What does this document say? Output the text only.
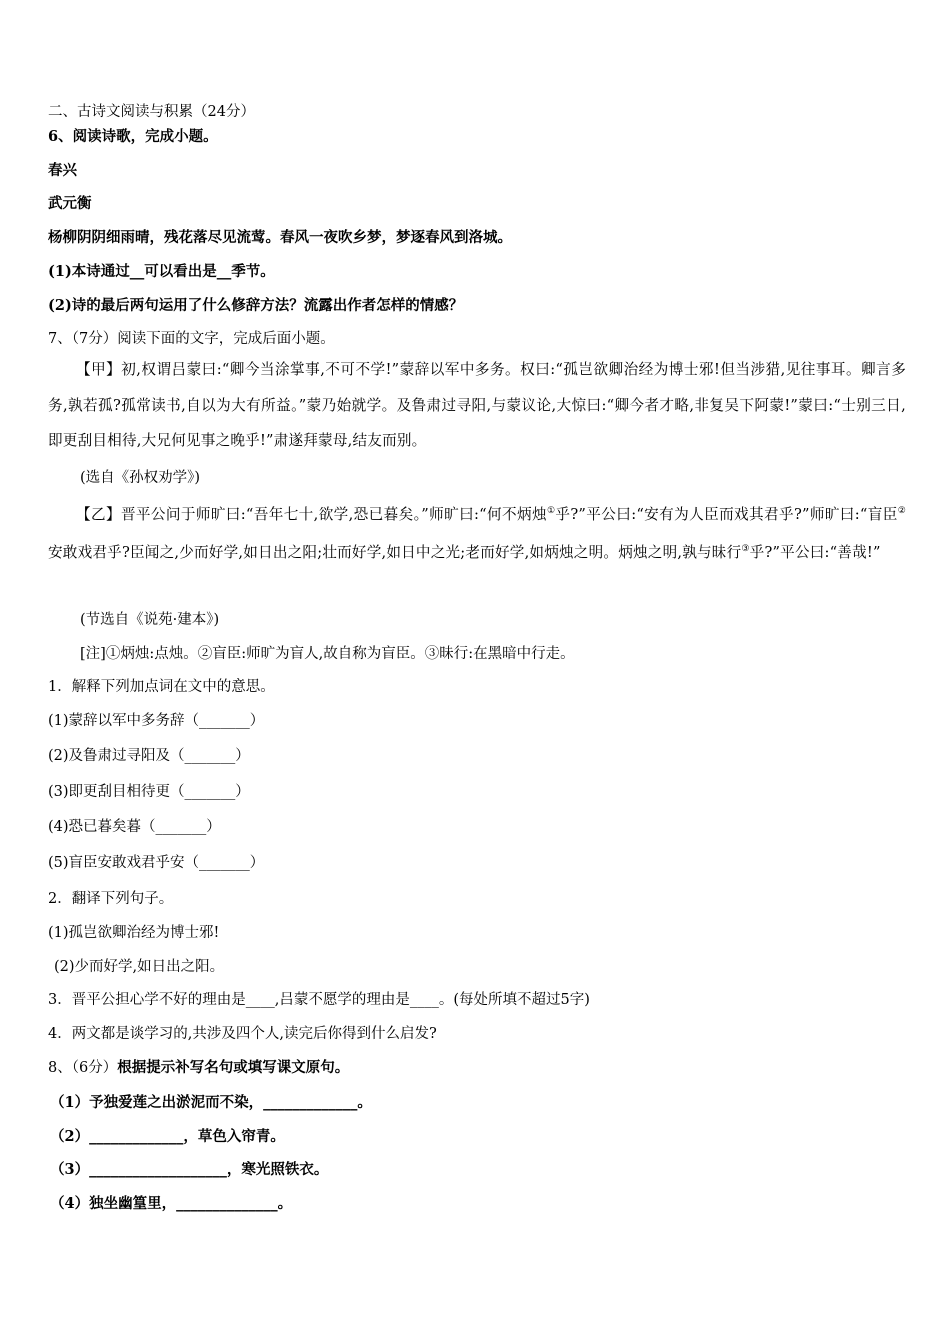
二、古诗文阅读与积累（24分）
6、阅读诗歌，完成小题。
春兴
武元衡
杨柳阴阴细雨晴，残花落尽见流莺。春风一夜吹乡梦，梦逐春风到洛城。
(1)本诗通过__可以看出是__季节。
(2)诗的最后两句运用了什么修辞方法？流露出作者怎样的情感？
7、（7分）阅读下面的文字，完成后面小题。
【甲】初,权谓吕蒙曰:“卿今当涂掌事,不可不学!”蒙辞以军中多务。权曰:“孤岂欲卿治经为博士邪!但当涉猎,见往事耳。卿言多务,孰若孤?孤常读书,自以为大有所益。”蒙乃始就学。及鲁肃过寻阳,与蒙议论,大惊曰:“卿今者才略,非复吴下阿蒙!”蒙曰:“士别三日,即更刮目相待,大兄何见事之晚乎!”肃遂拜蒙母,结友而别。
(选自《孙权劝学》)
【乙】晋平公问于师旷曰:“吾年七十,欲学,恐已暮矣。”师旷曰:“何不炳烛①乎?”平公曰:“安有为人臣而戏其君乎?”师旷曰:“盲臣②安敢戏君乎?臣闻之,少而好学,如日出之阳;壮而好学,如日中之光;老而好学,如炳烛之明。炳烛之明,孰与昧行③乎?”平公曰:“善哉!”
(节选自《说苑·建本》)
[注]①炳烛:点烛。②盲臣:师旷为盲人,故自称为盲臣。③昧行:在黑暗中行走。
1．解释下列加点词在文中的意思。
(1)蒙辞以军中多务辞（_______）
(2)及鲁肃过寻阳及（_______）
(3)即更刮目相待更（_______）
(4)恐已暮矣暮（_______）
(5)盲臣安敢戏君乎安（_______）
2．翻译下列句子。
(1)孤岂欲卿治经为博士邪!
(2)少而好学,如日出之阳。
3．晋平公担心学不好的理由是____,吕蒙不愿学的理由是____。(每处所填不超过5字)
4．两文都是谈学习的,共涉及四个人,读完后你得到什么启发?
8、（6分）根据提示补写名句或填写课文原句。
（1）予独爱莲之出淤泥而不染，_____________。
（2）_____________，草色入帘青。
（3）___________________，寒光照铁衣。
（4）独坐幽篁里，______________。
